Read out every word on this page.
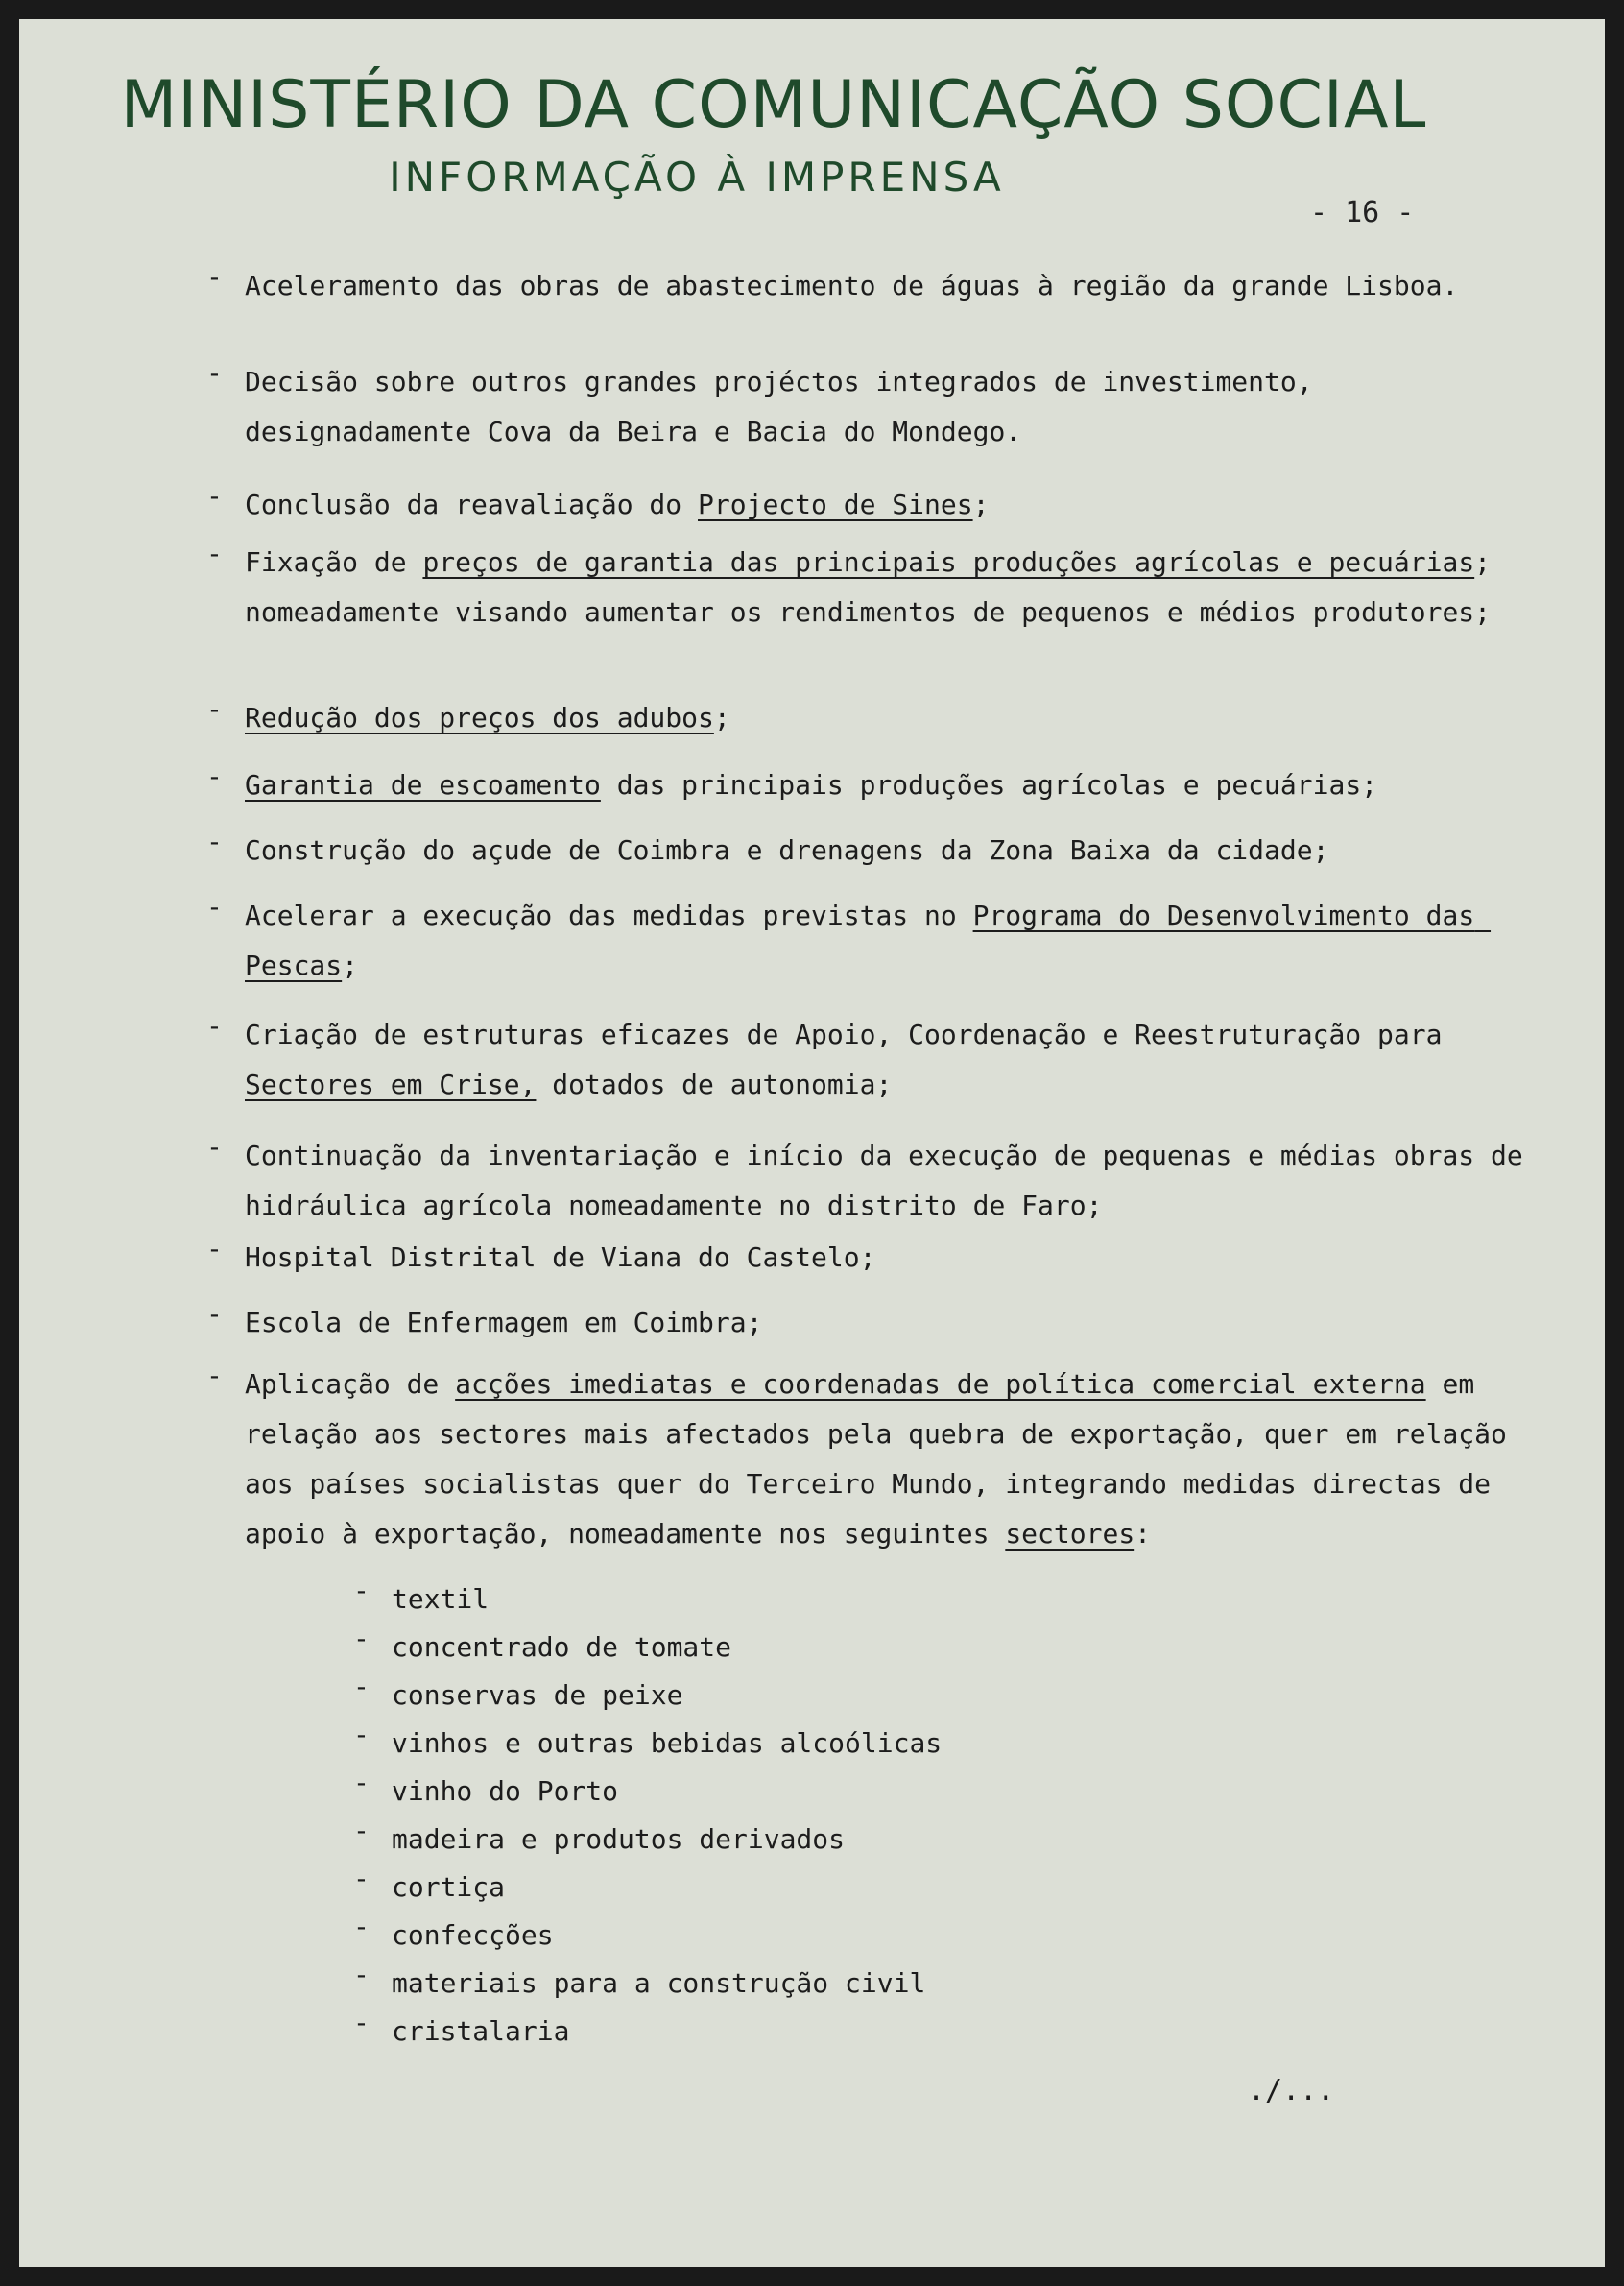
MINISTÉRIO DA COMUNICAÇÃO SOCIAL
INFORMAÇÃO À IMPRENSA
- 16 -
- Aceleramento das obras de abastecimento de águas à região da grande Lisboa.
- Decisão sobre outros grandes projéctos integrados de investimento, designadamente Cova da Beira e Bacia do Mondego.
- Conclusão da reavaliação do Projecto de Sines;
- Fixação de preços de garantia das principais produções agrícolas e pecuárias; nomeadamente visando aumentar os rendimentos de pequenos e médios produtores;
- Redução dos preços dos adubos;
- Garantia de escoamento das principais produções agrícolas e pecuárias;
- Construção do açude de Coimbra e drenagens da Zona Baixa da cidade;
- Acelerar a execução das medidas previstas no Programa do Desenvolvimento das Pescas;
- Criação de estruturas eficazes de Apoio, Coordenação e Reestruturação para Sectores em Crise, dotados de autonomia;
- Continuação da inventariação e início da execução de pequenas e médias obras de hidráulica agrícola nomeadamente no distrito de Faro;
- Hospital Distrital de Viana do Castelo;
- Escola de Enfermagem em Coimbra;
- Aplicação de acções imediatas e coordenadas de política comercial externa em relação aos sectores mais afectados pela quebra de exportação, quer em relação aos países socialistas quer do Terceiro Mundo, integrando medidas directas de apoio à exportação, nomeadamente nos seguintes sectores:
- textil
- concentrado de tomate
- conservas de peixe
- vinhos e outras bebidas alcoólicas
- vinho do Porto
- madeira e produtos derivados
- cortiça
- confecções
- materiais para a construção civil
- cristalaria
./...
